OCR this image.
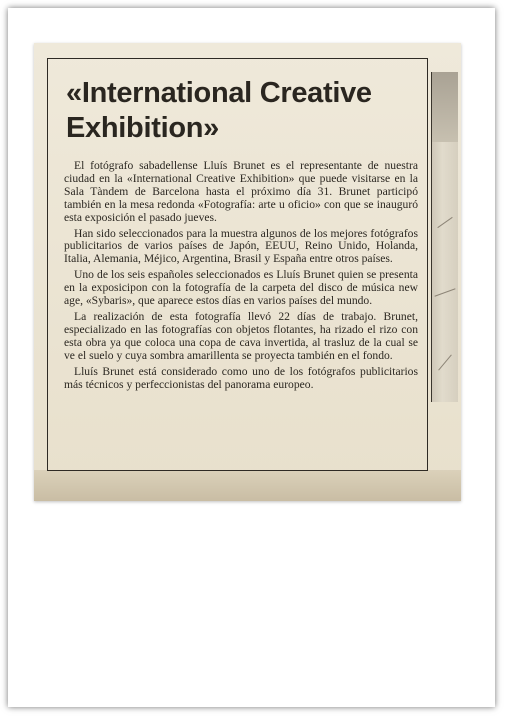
«International Creative
Exhibition»

El fotógrafo sabadellense Lluís Brunet es el representante de nuestra ciudad en la «International Creative Exhibition» que puede visitarse en la Sala Tàndem de Barcelona hasta el próximo día 31. Brunet participó también en la mesa redonda «Fotografía: arte u oficio» con que se inauguró esta exposición el pasado jueves.

Han sido seleccionados para la muestra algunos de los mejores fotógrafos publicitarios de varios países de Japón, EEUU, Reino Unido, Holanda, Italia, Alemania, Méjico, Argentina, Brasil y España entre otros países.

Uno de los seis españoles seleccionados es Lluís Brunet quien se presenta en la exposicipon con la fotografía de la carpeta del disco de música new age, «Sybaris», que aparece estos días en varios países del mundo.

La realización de esta fotografía llevó 22 días de trabajo. Brunet, especializado en las fotografías con objetos flotantes, ha rizado el rizo con esta obra ya que coloca una copa de cava invertida, al trasluz de la cual se ve el suelo y cuya sombra amarillenta se proyecta también en el fondo.

Lluís Brunet está considerado como uno de los fotógrafos publicitarios más técnicos y perfeccionistas del panorama europeo.
